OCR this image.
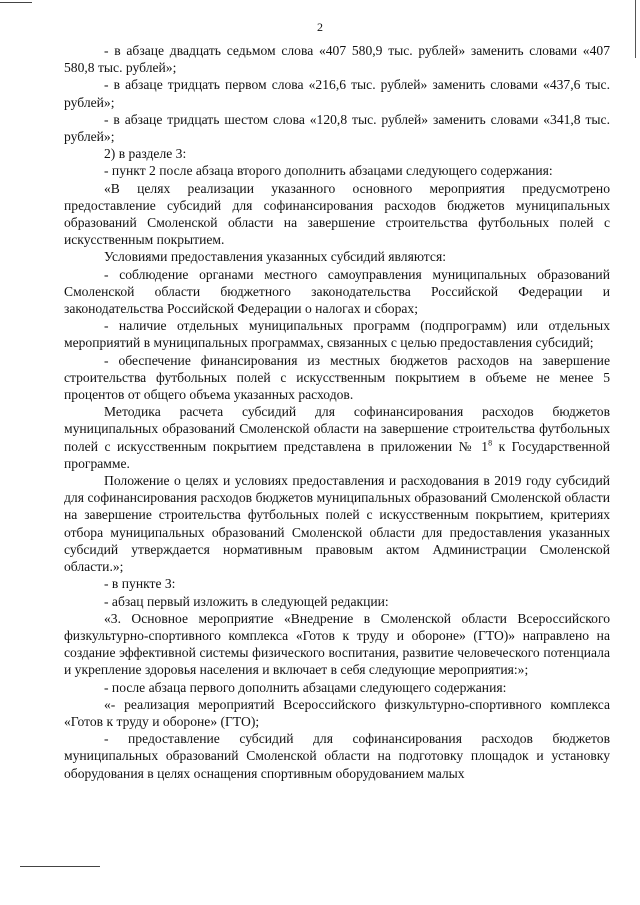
2

- в абзаце двадцать седьмом слова «407 580,9 тыс. рублей» заменить словами «407 580,8 тыс. рублей»;

- в абзаце тридцать первом слова «216,6 тыс. рублей» заменить словами «437,6 тыс. рублей»;

- в абзаце тридцать шестом слова «120,8 тыс. рублей» заменить словами «341,8 тыс. рублей»;

2) в разделе 3:

- пункт 2 после абзаца второго дополнить абзацами следующего содержания:

«В целях реализации указанного основного мероприятия предусмотрено предоставление субсидий для софинансирования расходов бюджетов муниципальных образований Смоленской области на завершение строительства футбольных полей с искусственным покрытием.

Условиями предоставления указанных субсидий являются:

- соблюдение органами местного самоуправления муниципальных образований Смоленской области бюджетного законодательства Российской Федерации и законодательства Российской Федерации о налогах и сборах;

- наличие отдельных муниципальных программ (подпрограмм) или отдельных мероприятий в муниципальных программах, связанных с целью предоставления субсидий;

- обеспечение финансирования из местных бюджетов расходов на завершение строительства футбольных полей с искусственным покрытием в объеме не менее 5 процентов от общего объема указанных расходов.

Методика расчета субсидий для софинансирования расходов бюджетов муниципальных образований Смоленской области на завершение строительства футбольных полей с искусственным покрытием представлена в приложении № $1^8$ к Государственной программе.

Положение о целях и условиях предоставления и расходования в 2019 году субсидий для софинансирования расходов бюджетов муниципальных образований Смоленской области на завершение строительства футбольных полей с искусственным покрытием, критериях отбора муниципальных образований Смоленской области для предоставления указанных субсидий утверждается нормативным правовым актом Администрации Смоленской области.»;

- в пункте 3:

- абзац первый изложить в следующей редакции:

«3. Основное мероприятие «Внедрение в Смоленской области Всероссийского физкультурно-спортивного комплекса «Готов к труду и обороне» (ГТО)» направлено на создание эффективной системы физического воспитания, развитие человеческого потенциала и укрепление здоровья населения и включает в себя следующие мероприятия:»;

- после абзаца первого дополнить абзацами следующего содержания:

«- реализация мероприятий Всероссийского физкультурно-спортивного комплекса «Готов к труду и обороне» (ГТО);

- предоставление субсидий для софинансирования расходов бюджетов муниципальных образований Смоленской области на подготовку площадок и установку оборудования в целях оснащения спортивным оборудованием малых
